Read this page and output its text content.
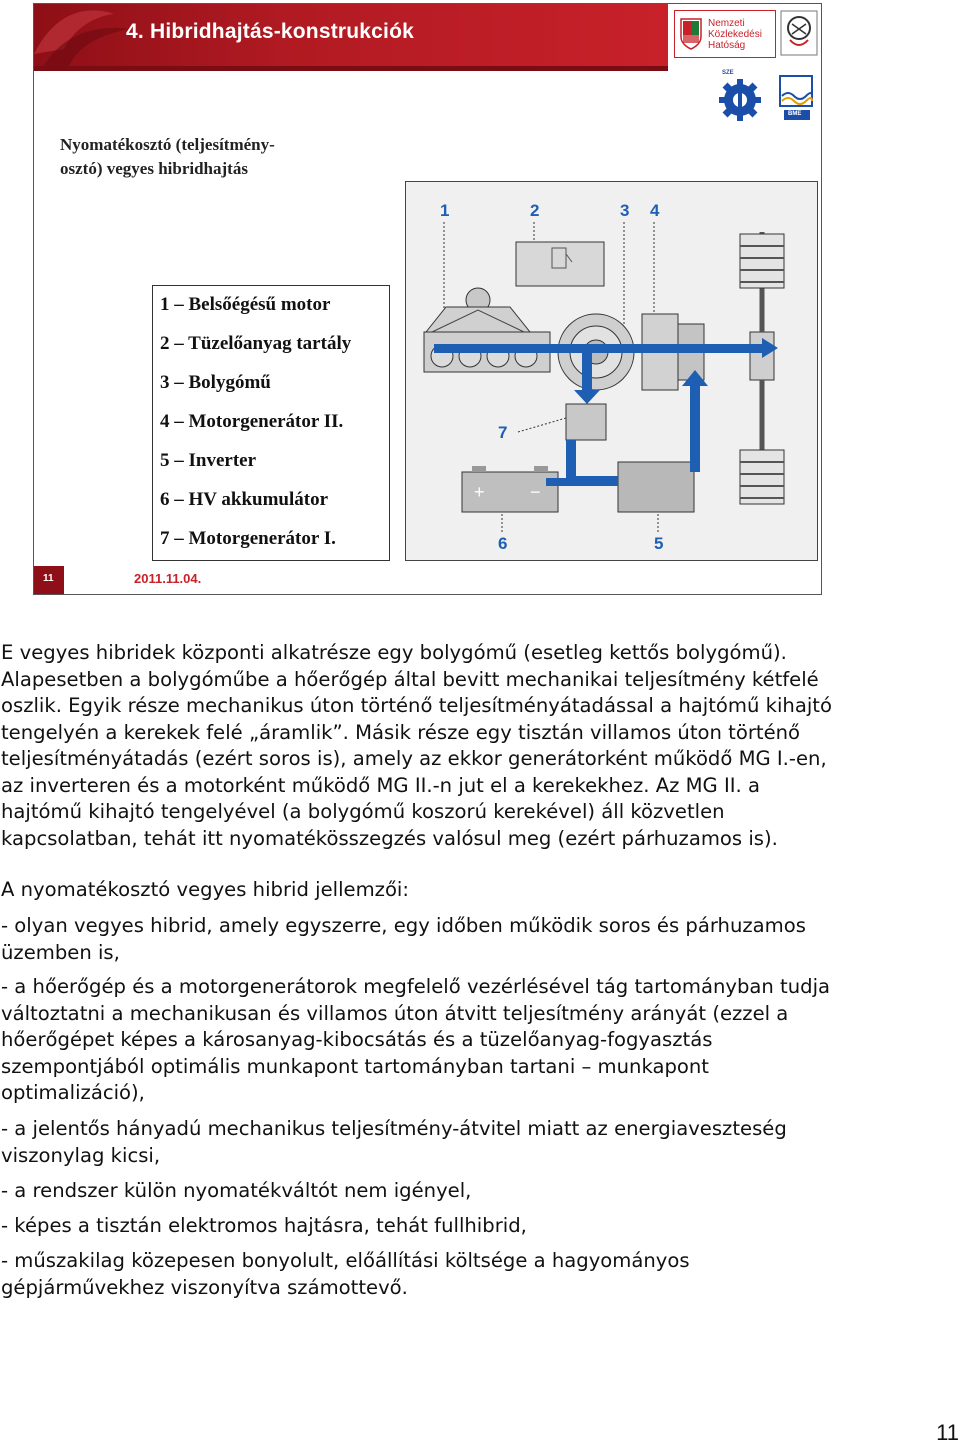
4. Hibridhajtás-konstrukciók	Nemzeti
Közlekedési
Hatóság
SZE
BME
Nyomatékosztó (teljesítmény-
osztó) vegyes hibridhajtás
1 – Belsőégésű motor
2 – Tüzelőanyag tartály
3 – Bolygómű
4 – Motorgenerátor II.
5 – Inverter
6 – HV akkumulátor
7 – Motorgenerátor I.
1	2	3 4
5
6
7
+	−
11	2011.11.04.
E vegyes hibridek központi alkatrésze egy bolygómű (esetleg kettős bolygómű).
Alapesetben a bolygóműbe a hőerőgép által bevitt mechanikai teljesítmény kétfelé
oszlik. Egyik része mechanikus úton történő teljesítményátadással a hajtómű kihajtó
tengelyén a kerekek felé „áramlik”. Másik része egy tisztán villamos úton történő
teljesítményátadás (ezért soros is), amely az ekkor generátorként működő MG I.-en,
az inverteren és a motorként működő MG II.-n jut el a kerekekhez. Az MG II. a
hajtómű kihajtó tengelyével (a bolygómű koszorú kerekével) áll közvetlen
kapcsolatban, tehát itt nyomatékösszegzés valósul meg (ezért párhuzamos is).
A nyomatékosztó vegyes hibrid jellemzői:
- olyan vegyes hibrid, amely egyszerre, egy időben működik soros és párhuzamos
üzemben is,
- a hőerőgép és a motorgenerátorok megfelelő vezérlésével tág tartományban tudja
változtatni a mechanikusan és villamos úton átvitt teljesítmény arányát (ezzel a
hőerőgépet képes a károsanyag-kibocsátás és a tüzelőanyag-fogyasztás
szempontjából optimális munkapont tartományban tartani – munkapont
optimalizáció),
- a jelentős hányadú mechanikus teljesítmény-átvitel miatt az energiaveszteség
viszonylag kicsi,
- a rendszer külön nyomatékváltót nem igényel,
- képes a tisztán elektromos hajtásra, tehát fullhibrid,
- műszakilag közepesen bonyolult, előállítási költsége a hagyományos
gépjárművekhez viszonyítva számottevő.
11
